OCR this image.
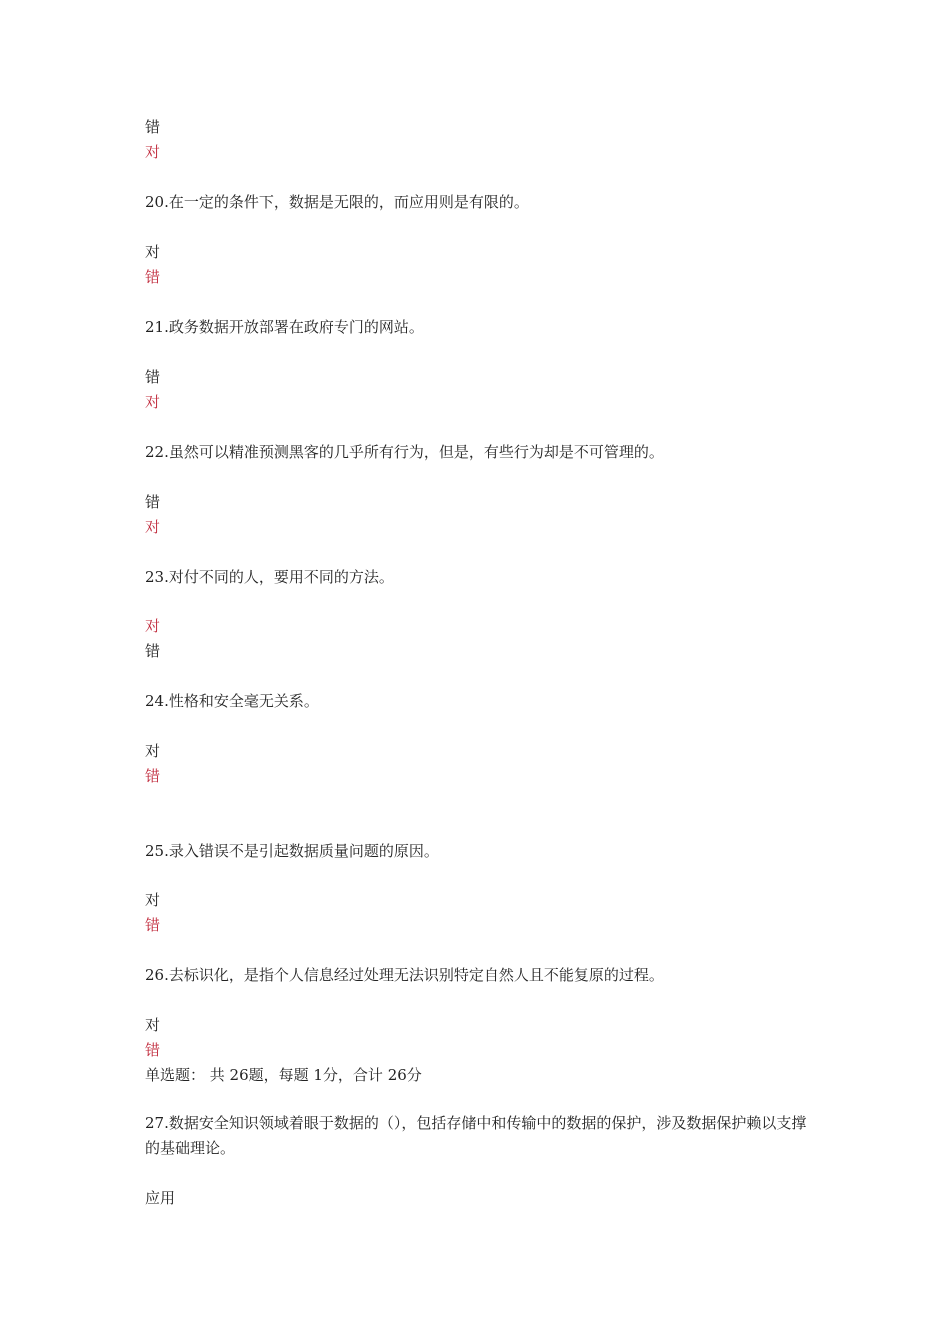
错
对
20.在一定的条件下，数据是无限的，而应用则是有限的。
对
错
21.政务数据开放部署在政府专门的网站。
错
对
22.虽然可以精准预测黑客的几乎所有行为，但是，有些行为却是不可管理的。
错
对
23.对付不同的人，要用不同的方法。
对
错
24.性格和安全毫无关系。
对
错
25.录入错误不是引起数据质量问题的原因。
对
错
26.去标识化，是指个人信息经过处理无法识别特定自然人且不能复原的过程。
对
错
单选题： 共 26题，每题 1分，合计 26分
27.数据安全知识领域着眼于数据的（），包括存储中和传输中的数据的保护，涉及数据保护赖以支撑的基础理论。
应用
